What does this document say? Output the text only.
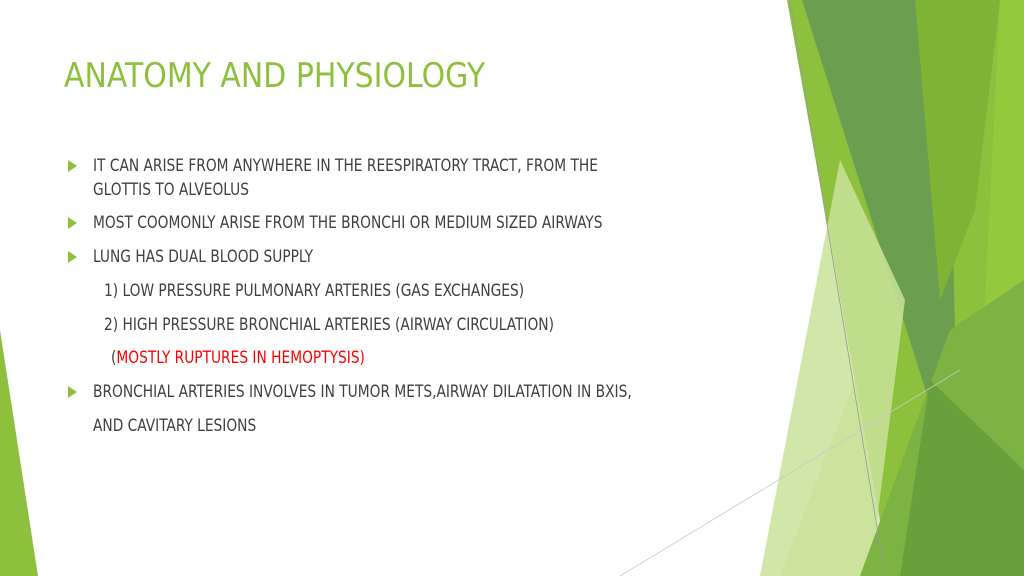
ANATOMY AND PHYSIOLOGY
IT CAN ARISE FROM ANYWHERE IN THE REESPIRATORY TRACT, FROM THE
GLOTTIS TO ALVEOLUS
MOST COOMONLY ARISE FROM THE BRONCHI OR MEDIUM SIZED AIRWAYS
LUNG HAS DUAL BLOOD SUPPLY
1) LOW PRESSURE PULMONARY ARTERIES (GAS EXCHANGES)
2) HIGH PRESSURE BRONCHIAL ARTERIES (AIRWAY CIRCULATION)
(MOSTLY RUPTURES IN HEMOPTYSIS)
BRONCHIAL ARTERIES INVOLVES IN TUMOR METS,AIRWAY DILATATION IN BXIS,
AND CAVITARY LESIONS
